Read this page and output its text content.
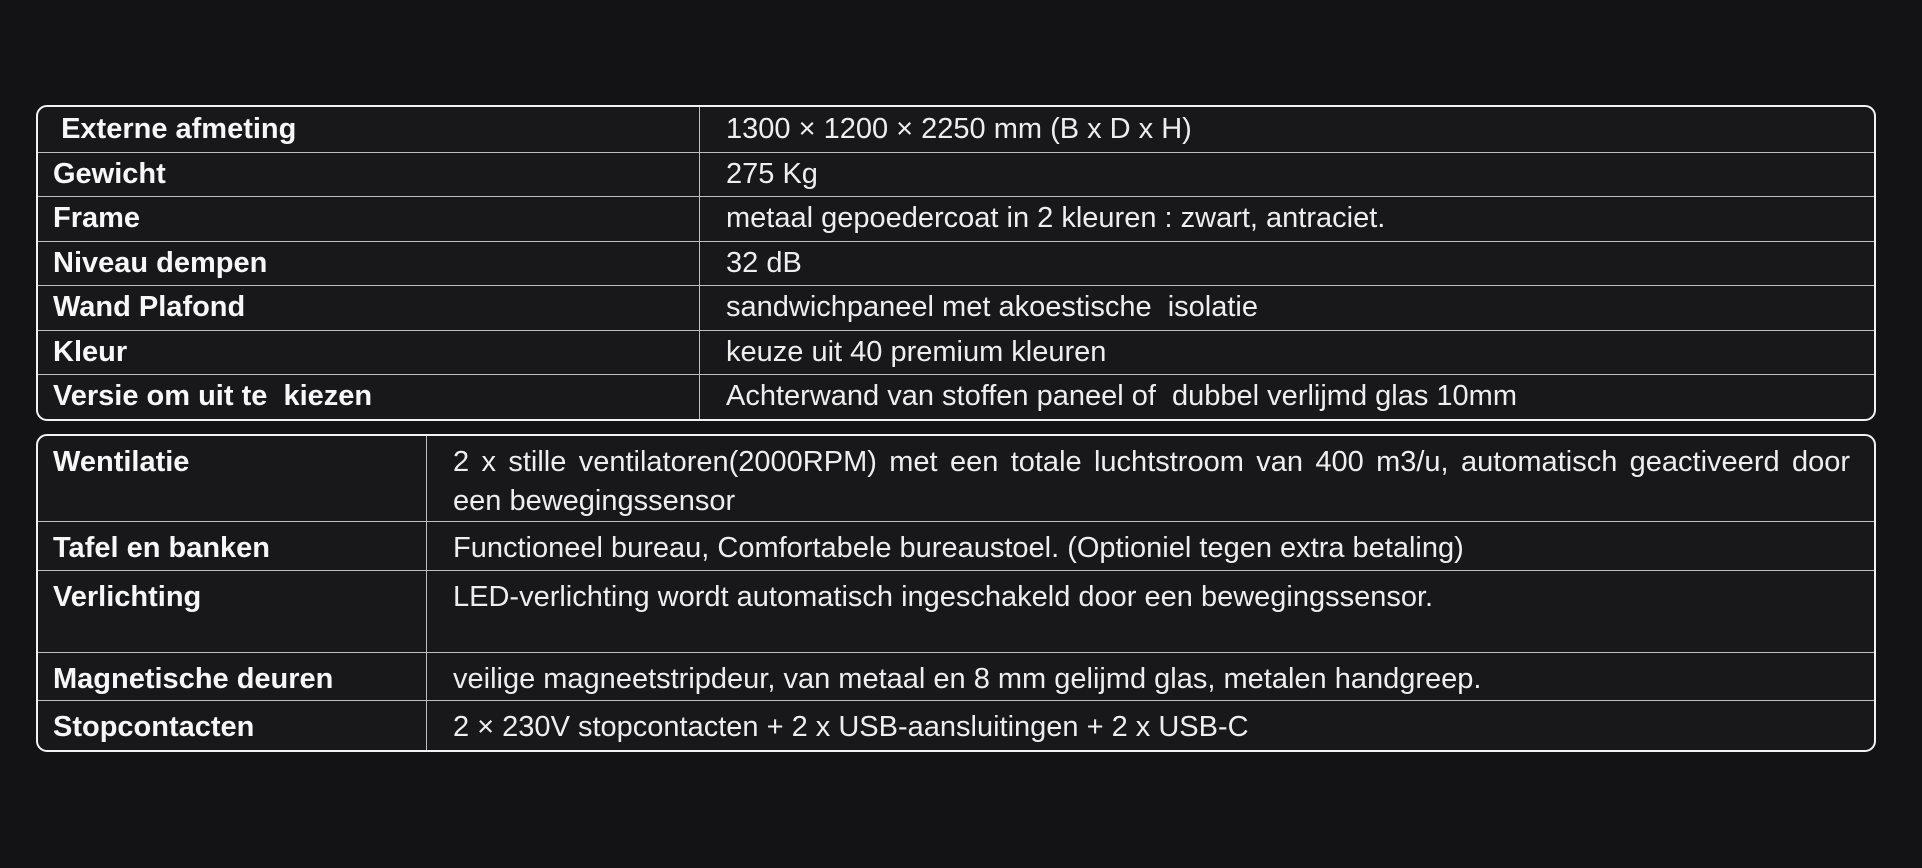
Externe afmeting	1300 × 1200 × 2250 mm (B x D x H)
Gewicht	275 Kg
Frame	metaal gepoedercoat in 2 kleuren : zwart, antraciet.
Niveau dempen	32 dB
Wand Plafond	sandwichpaneel met akoestische  isolatie
Kleur	keuze uit 40 premium kleuren
Versie om uit te  kiezen	Achterwand van stoffen paneel of  dubbel verlijmd glas 10mm
Wentilatie	2 x stille ventilatoren(2000RPM) met een totale luchtstroom van 400 m3/u, automatisch geactiveerd door een bewegingssensor
Tafel en banken	Functioneel bureau, Comfortabele bureaustoel. (Optioniel tegen extra betaling)
Verlichting	LED-verlichting wordt automatisch ingeschakeld door een bewegingssensor.
Magnetische deuren	veilige magneetstripdeur, van metaal en 8 mm gelijmd glas, metalen handgreep.
Stopcontacten	2 × 230V stopcontacten + 2 x USB-aansluitingen + 2 x USB-C
